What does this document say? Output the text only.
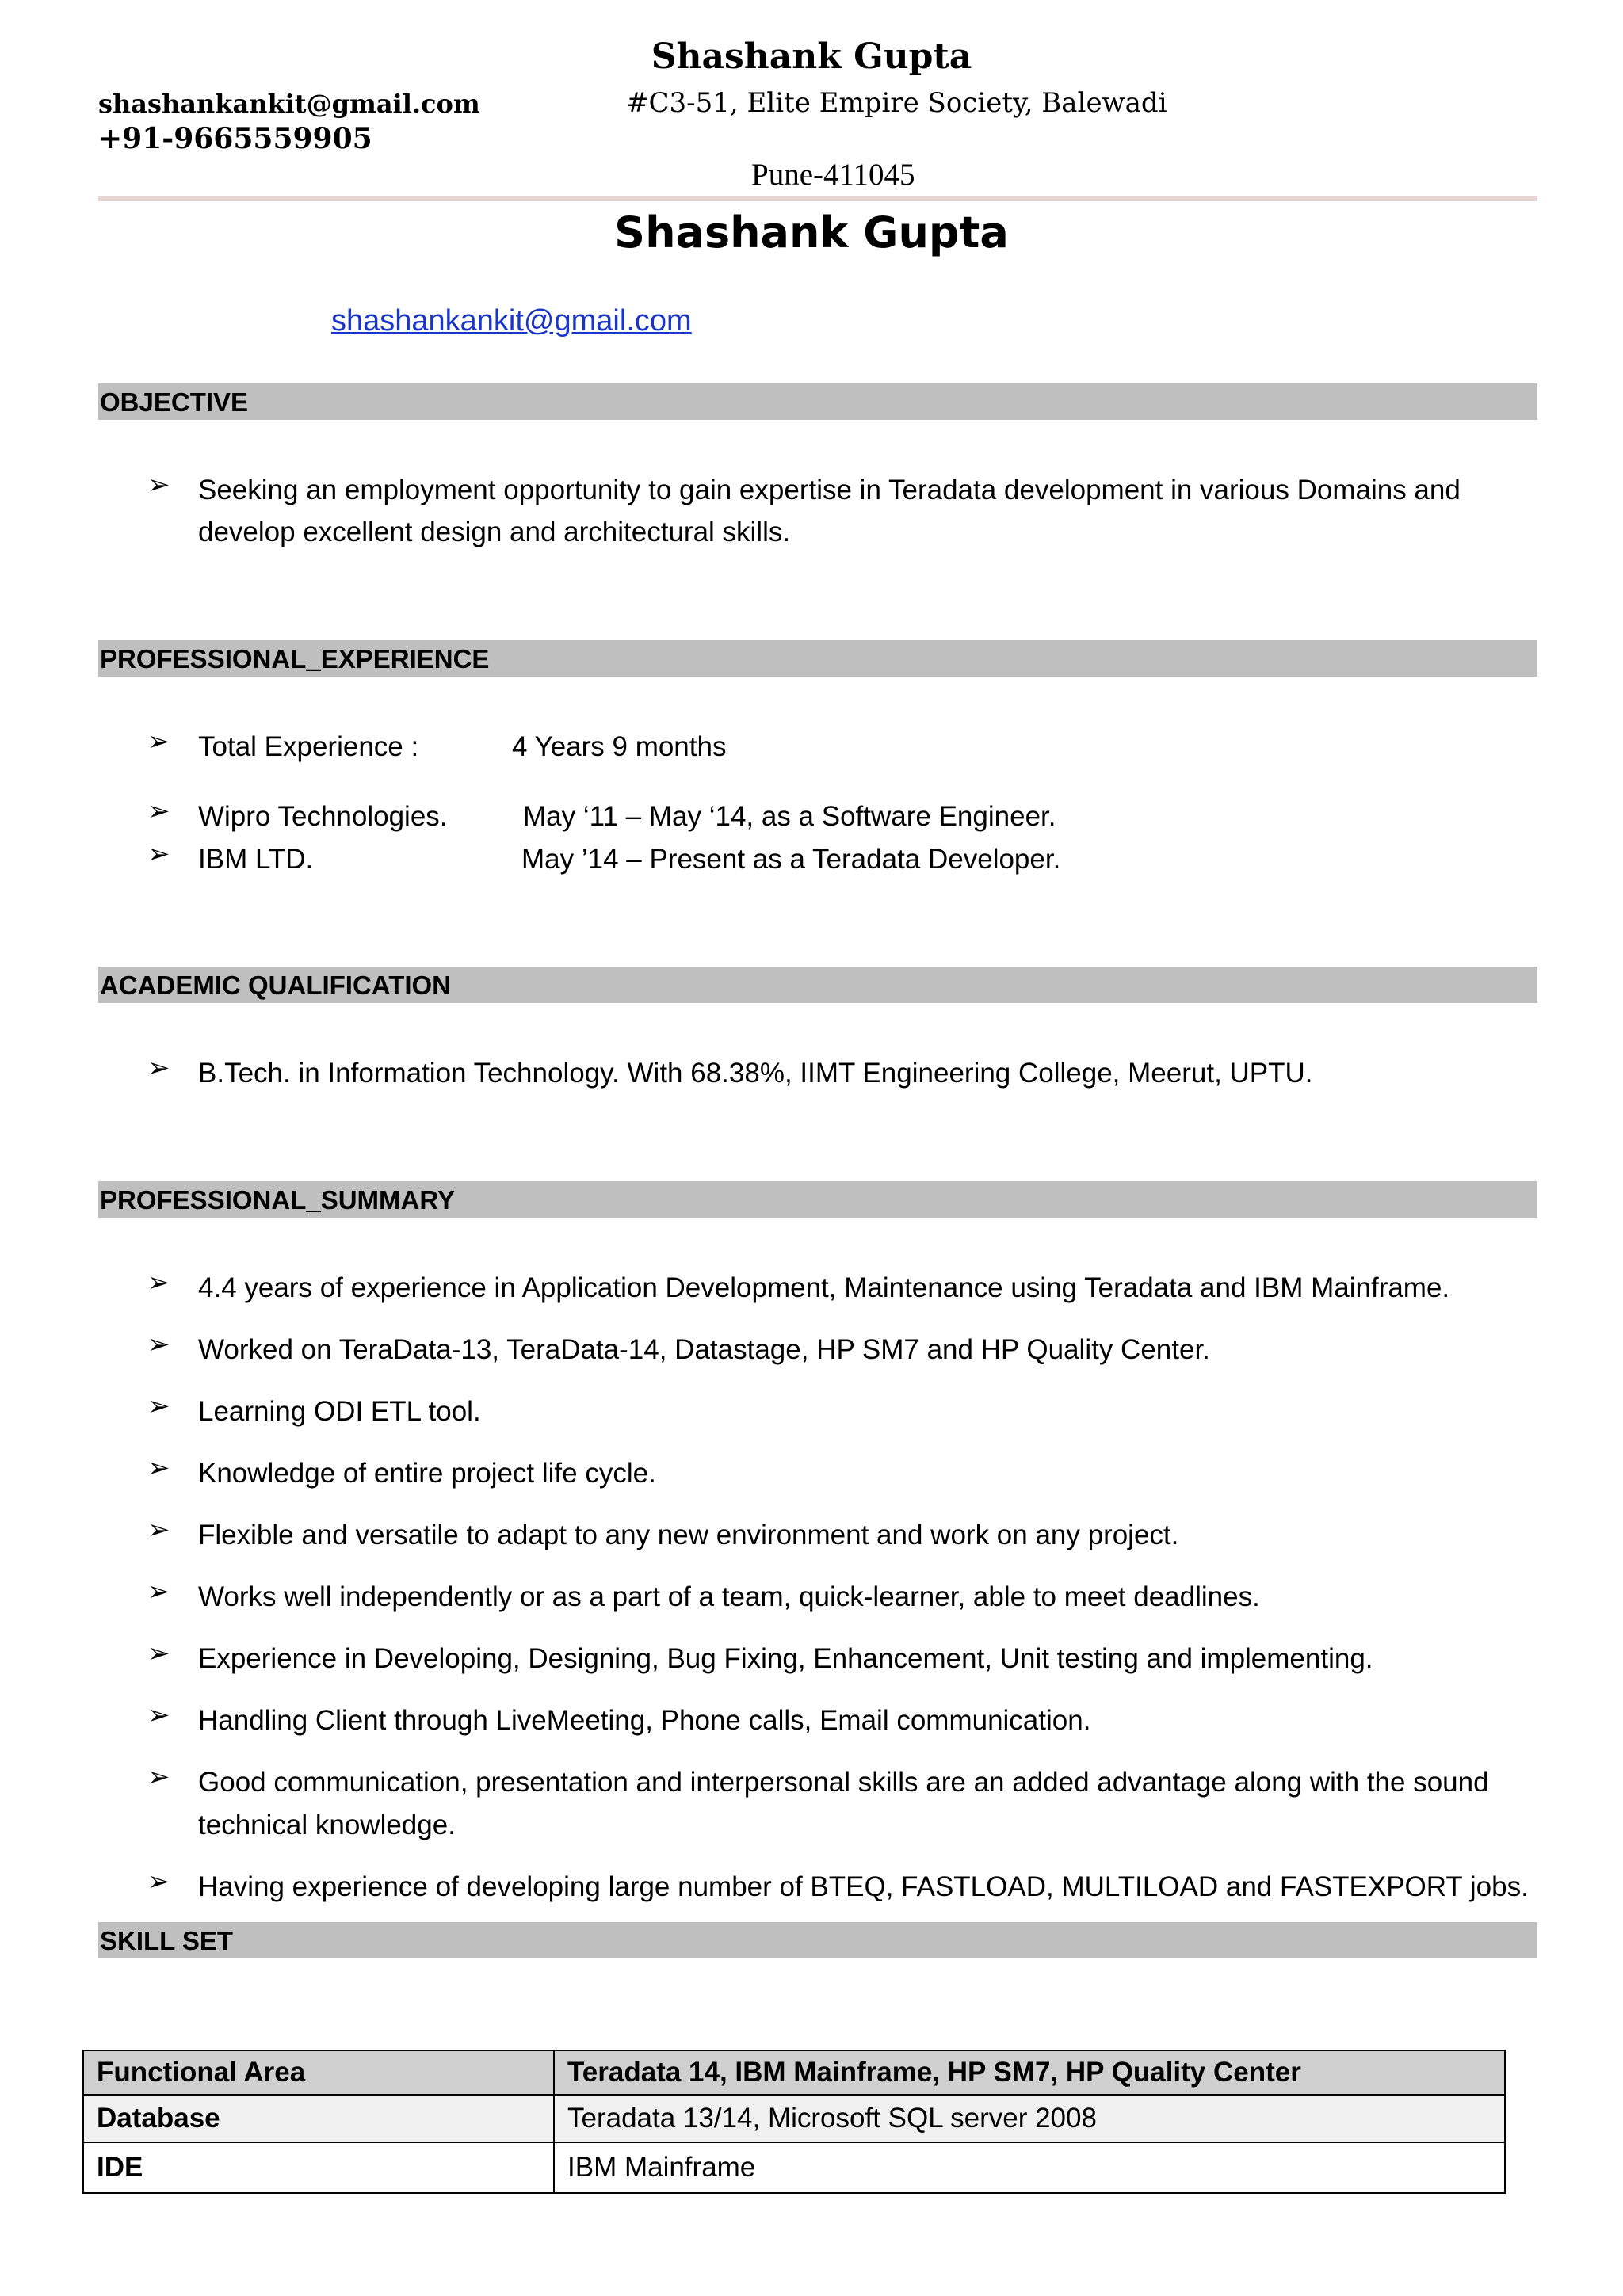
Shashank Gupta
shashankankit@gmail.com
+91-9665559905
#C3-51, Elite Empire Society, Balewadi
Pune-411045
Shashank Gupta
shashankankit@gmail.com
OBJECTIVE
➢ Seeking an employment opportunity to gain expertise in Teradata development in various Domains and
develop excellent design and architectural skills.
PROFESSIONAL_EXPERIENCE
➢ Total Experience :	4 Years 9 months
➢ Wipro Technologies.	May ‘11 – May ‘14, as a Software Engineer.
➢ IBM LTD.	May ’14 – Present as a Teradata Developer.
ACADEMIC QUALIFICATION
➢ B.Tech. in Information Technology. With 68.38%, IIMT Engineering College, Meerut, UPTU.
PROFESSIONAL_SUMMARY
➢ 4.4 years of experience in Application Development, Maintenance using Teradata and IBM Mainframe.
➢ Worked on TeraData-13, TeraData-14, Datastage, HP SM7 and HP Quality Center.
➢ Learning ODI ETL tool.
➢ Knowledge of entire project life cycle.
➢ Flexible and versatile to adapt to any new environment and work on any project.
➢ Works well independently or as a part of a team, quick-learner, able to meet deadlines.
➢ Experience in Developing, Designing, Bug Fixing, Enhancement, Unit testing and implementing.
➢ Handling Client through LiveMeeting, Phone calls, Email communication.
➢ Good communication, presentation and interpersonal skills are an added advantage along with the sound
technical knowledge.
➢ Having experience of developing large number of BTEQ, FASTLOAD, MULTILOAD and FASTEXPORT jobs.
SKILL SET
Functional Area	Teradata 14, IBM Mainframe, HP SM7, HP Quality Center
Database	Teradata 13/14, Microsoft SQL server 2008
IDE	IBM Mainframe
